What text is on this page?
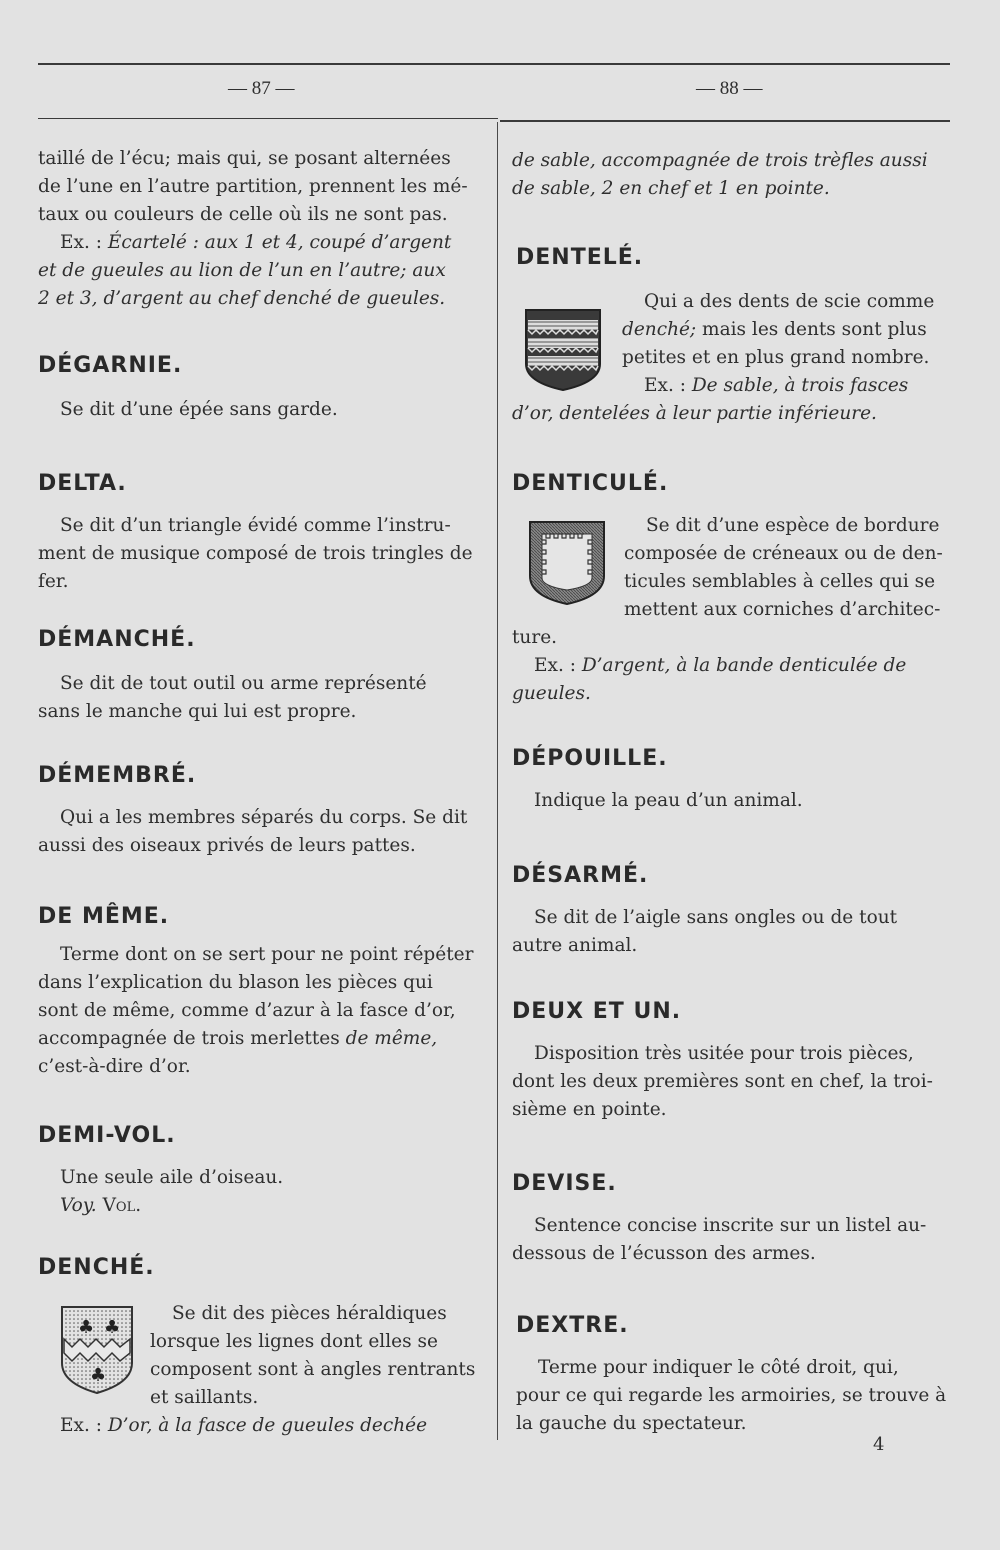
— 87 —	— 88 —

taillé de l’écu; mais qui, se posant alternées

de l’une en l’autre partition, prennent les mé-

taux ou couleurs de celle où ils ne sont pas.

Ex. : Écartelé : aux 1 et 4, coupé d’argent

et de gueules au lion de l’un en l’autre; aux

2 et 3, d’argent au chef denché de gueules.

DÉGARNIE.

Se dit d’une épée sans garde.

DELTA.

Se dit d’un triangle évidé comme l’instru-

ment de musique composé de trois tringles de

fer.

DÉMANCHÉ.

Se dit de tout outil ou arme représenté

sans le manche qui lui est propre.

DÉMEMBRÉ.

Qui a les membres séparés du corps. Se dit

aussi des oiseaux privés de leurs pattes.

DE MÊME.

Terme dont on se sert pour ne point répéter

dans l’explication du blason les pièces qui

sont de même, comme d’azur à la fasce d’or,

accompagnée de trois merlettes de même,

c’est-à-dire d’or.

DEMI-VOL.

Une seule aile d’oiseau.

Voy. Vol.

DENCHÉ.
♣ ♣
♣
Se dit des pièces héraldiques
lorsque les lignes dont elles se
composent sont à angles rentrants
et saillants.

Ex. : D’or, à la fasce de gueules dechée

de sable, accompagnée de trois trèfles aussi

de sable, 2 en chef et 1 en pointe.

DENTELÉ.
Qui a des dents de scie comme
denché; mais les dents sont plus
petites et en plus grand nombre.
Ex. : De sable, à trois fasces

d’or, dentelées à leur partie inférieure.

DENTICULÉ.
Se dit d’une espèce de bordure
composée de créneaux ou de den-
ticules semblables à celles qui se
mettent aux corniches d’architec-

ture.

Ex. : D’argent, à la bande denticulée de

gueules.

DÉPOUILLE.

Indique la peau d’un animal.

DÉSARMÉ.

Se dit de l’aigle sans ongles ou de tout

autre animal.

DEUX ET UN.

Disposition très usitée pour trois pièces,

dont les deux premières sont en chef, la troi-

sième en pointe.

DEVISE.

Sentence concise inscrite sur un listel au-

dessous de l’écusson des armes.

DEXTRE.

Terme pour indiquer le côté droit, qui,

pour ce qui regarde les armoiries, se trouve à

la gauche du spectateur.

4
